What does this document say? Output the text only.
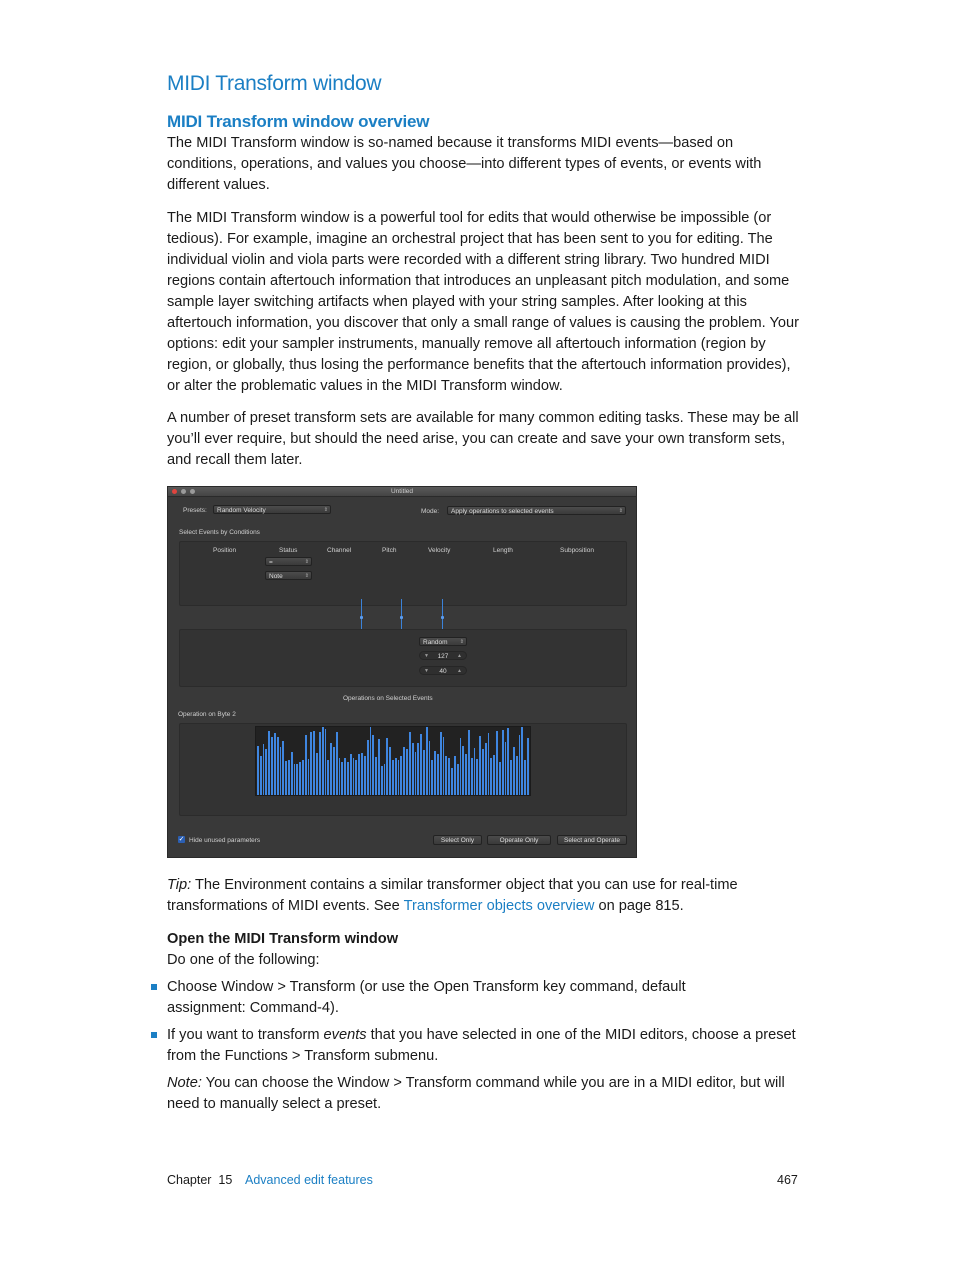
MIDI Transform window
MIDI Transform window overview
The MIDI Transform window is so-named because it transforms MIDI events—based on conditions, operations, and values you choose—into different types of events, or events with different values.
The MIDI Transform window is a powerful tool for edits that would otherwise be impossible (or tedious). For example, imagine an orchestral project that has been sent to you for editing. The individual violin and viola parts were recorded with a different string library. Two hundred MIDI regions contain aftertouch information that introduces an unpleasant pitch modulation, and some sample layer switching artifacts when played with your string samples. After looking at this aftertouch information, you discover that only a small range of values is causing the problem. Your options: edit your sampler instruments, manually remove all aftertouch information (region by region, or globally, thus losing the performance benefits that the aftertouch information provides), or alter the problematic values in the MIDI Transform window.
A number of preset transform sets are available for many common editing tasks. These may be all you’ll ever require, but should the need arise, you can create and save your own transform sets, and recall them later.
Untitled
Presets:	Random Velocity	⇕	Mode:	Apply operations to selected events	⇕
Select Events by Conditions
Position	Status	Channel	Pitch	Velocity	Length	Subposition
=	⇕
Note	⇕
Random ⇕
▼ 127 ▲
▼ 40 ▲
Operations on Selected Events
Operation on Byte 2
✓ Hide unused parameters	Select Only	Operate Only	Select and Operate
Tip: The Environment contains a similar transformer object that you can use for real-time transformations of MIDI events. See Transformer objects overview on page 815.
Open the MIDI Transform window
Do one of the following:
Choose Window > Transform (or use the Open Transform key command, default assignment: Command-4).
If you want to transform events that you have selected in one of the MIDI editors, choose a preset from the Functions > Transform submenu.
Note: You can choose the Window > Transform command while you are in a MIDI editor, but will need to manually select a preset.
Chapter  15 Advanced edit features	467
